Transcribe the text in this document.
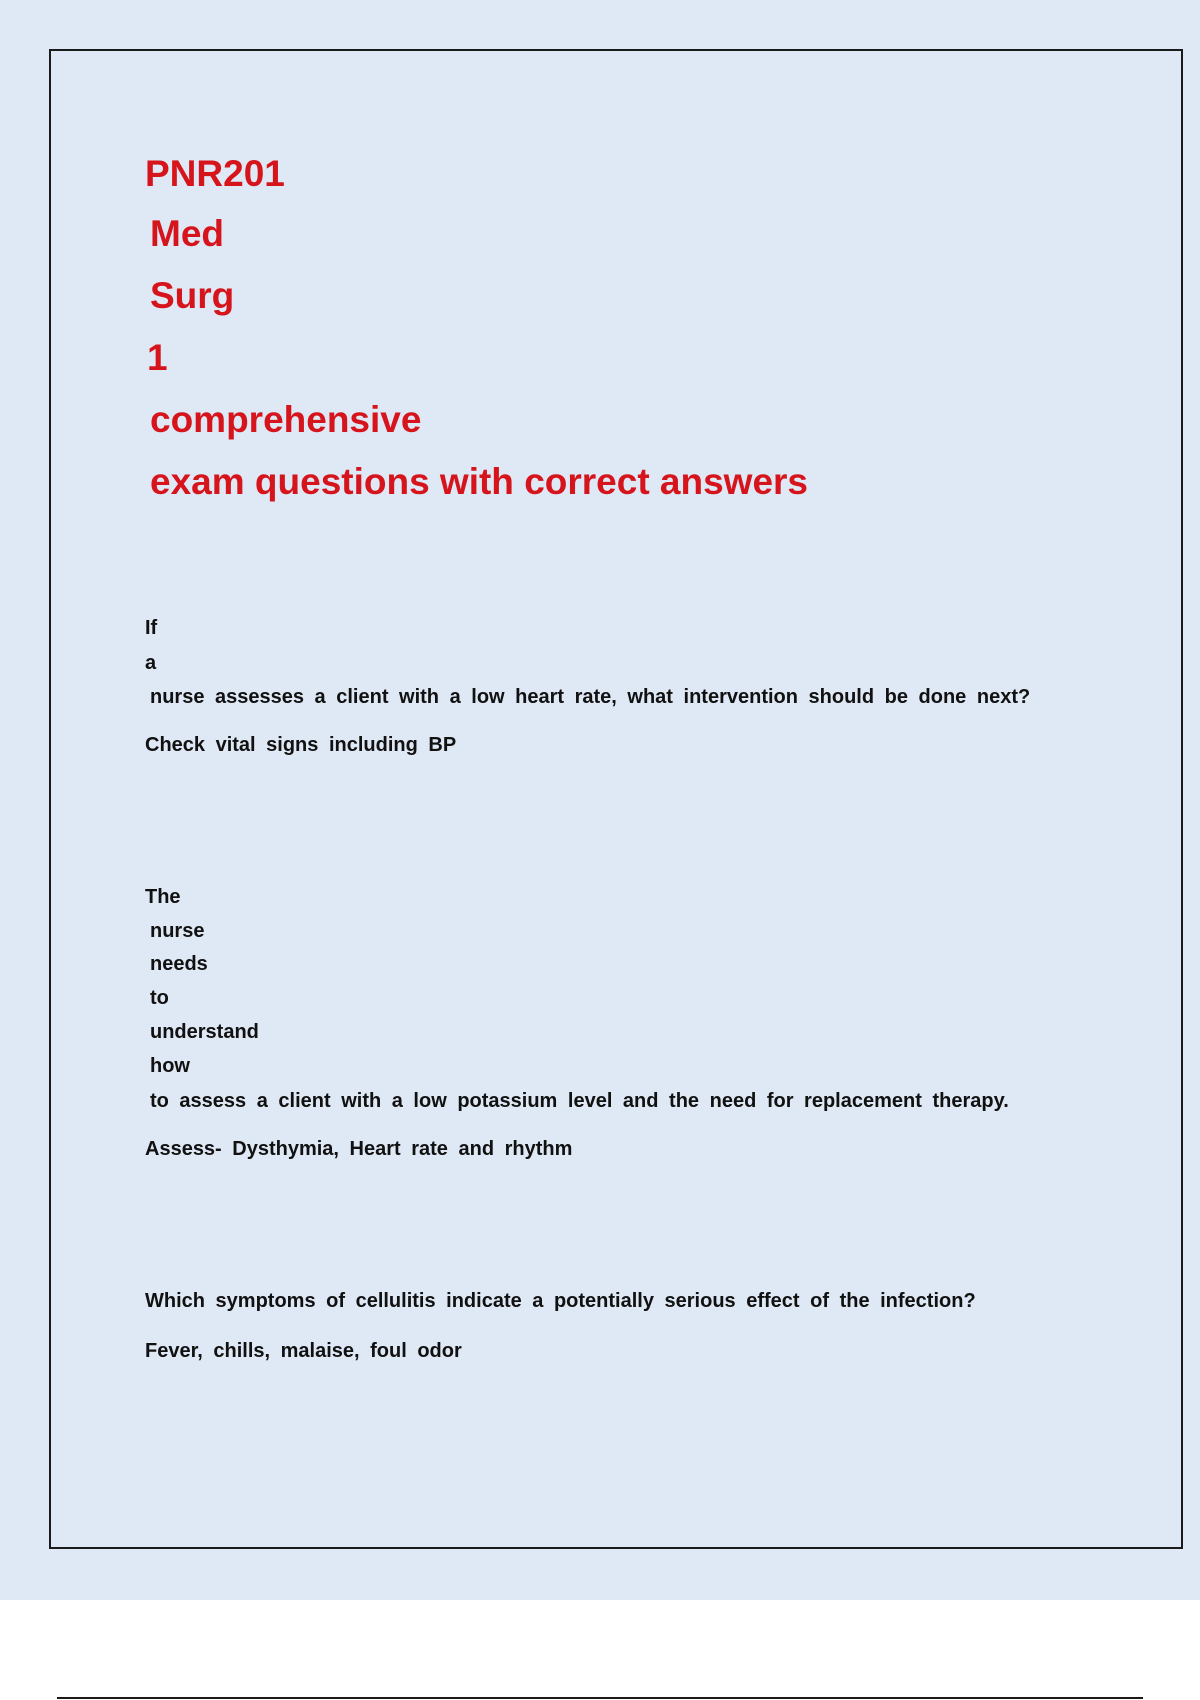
PNR201
Med
Surg
1
comprehensive
exam questions with correct answers
If
a
nurse assesses a client with a low heart rate, what intervention should be done next?
Check vital signs including BP
The
nurse
needs
to
understand
how
to assess a client with a low potassium level and the need for replacement therapy.
Assess- Dysthymia, Heart rate and rhythm
Which symptoms of cellulitis indicate a potentially serious effect of the infection?
Fever, chills, malaise, foul odor
